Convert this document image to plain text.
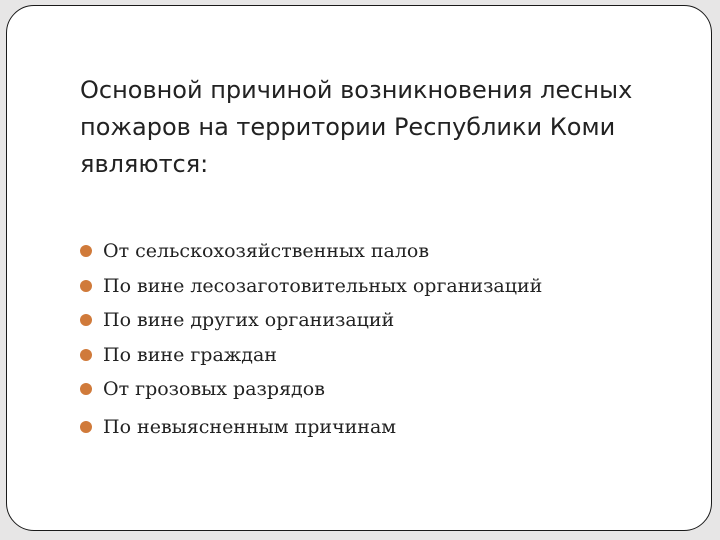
Основной причиной возникновения лесных
пожаров на территории Республики Коми
являются:
От сельскохозяйственных палов
По вине лесозаготовительных организаций
По вине других организаций
По вине граждан
От грозовых разрядов
По невыясненным причинам
